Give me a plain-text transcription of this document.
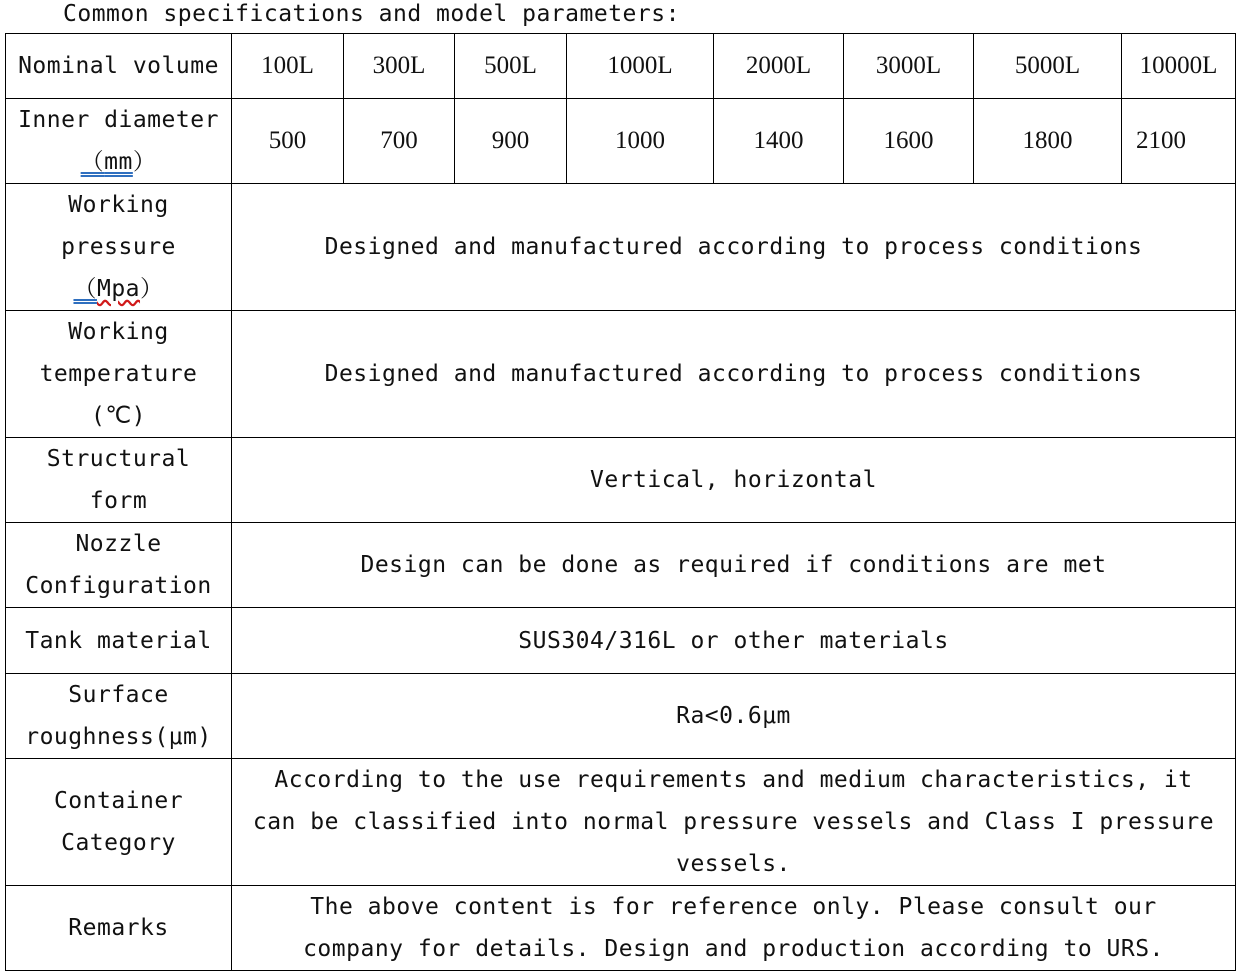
Common specifications and model parameters:
Nominal volume	100L	300L	500L	1000L	2000L	3000L	5000L	10000L

Inner diameter
（mm）	500	700	900	1000	1400	1600	1800	2100

Working
pressure
（Mpa）	Designed and manufactured according to process conditions							

Working
temperature
(℃)	Designed and manufactured according to process conditions							

Structural
form	Vertical, horizontal							

Nozzle
Configuration	Design can be done as required if conditions are met							
Tank material	SUS304/316L or other materials							

Surface
roughness(μm)	Ra<0.6μm							

Container
Category	According to the use requirements and medium characteristics, it can be classified into normal pressure vessels and Class I pressure vessels.							
Remarks	The above content is for reference only. Please consult our company for details. Design and production according to URS.							
